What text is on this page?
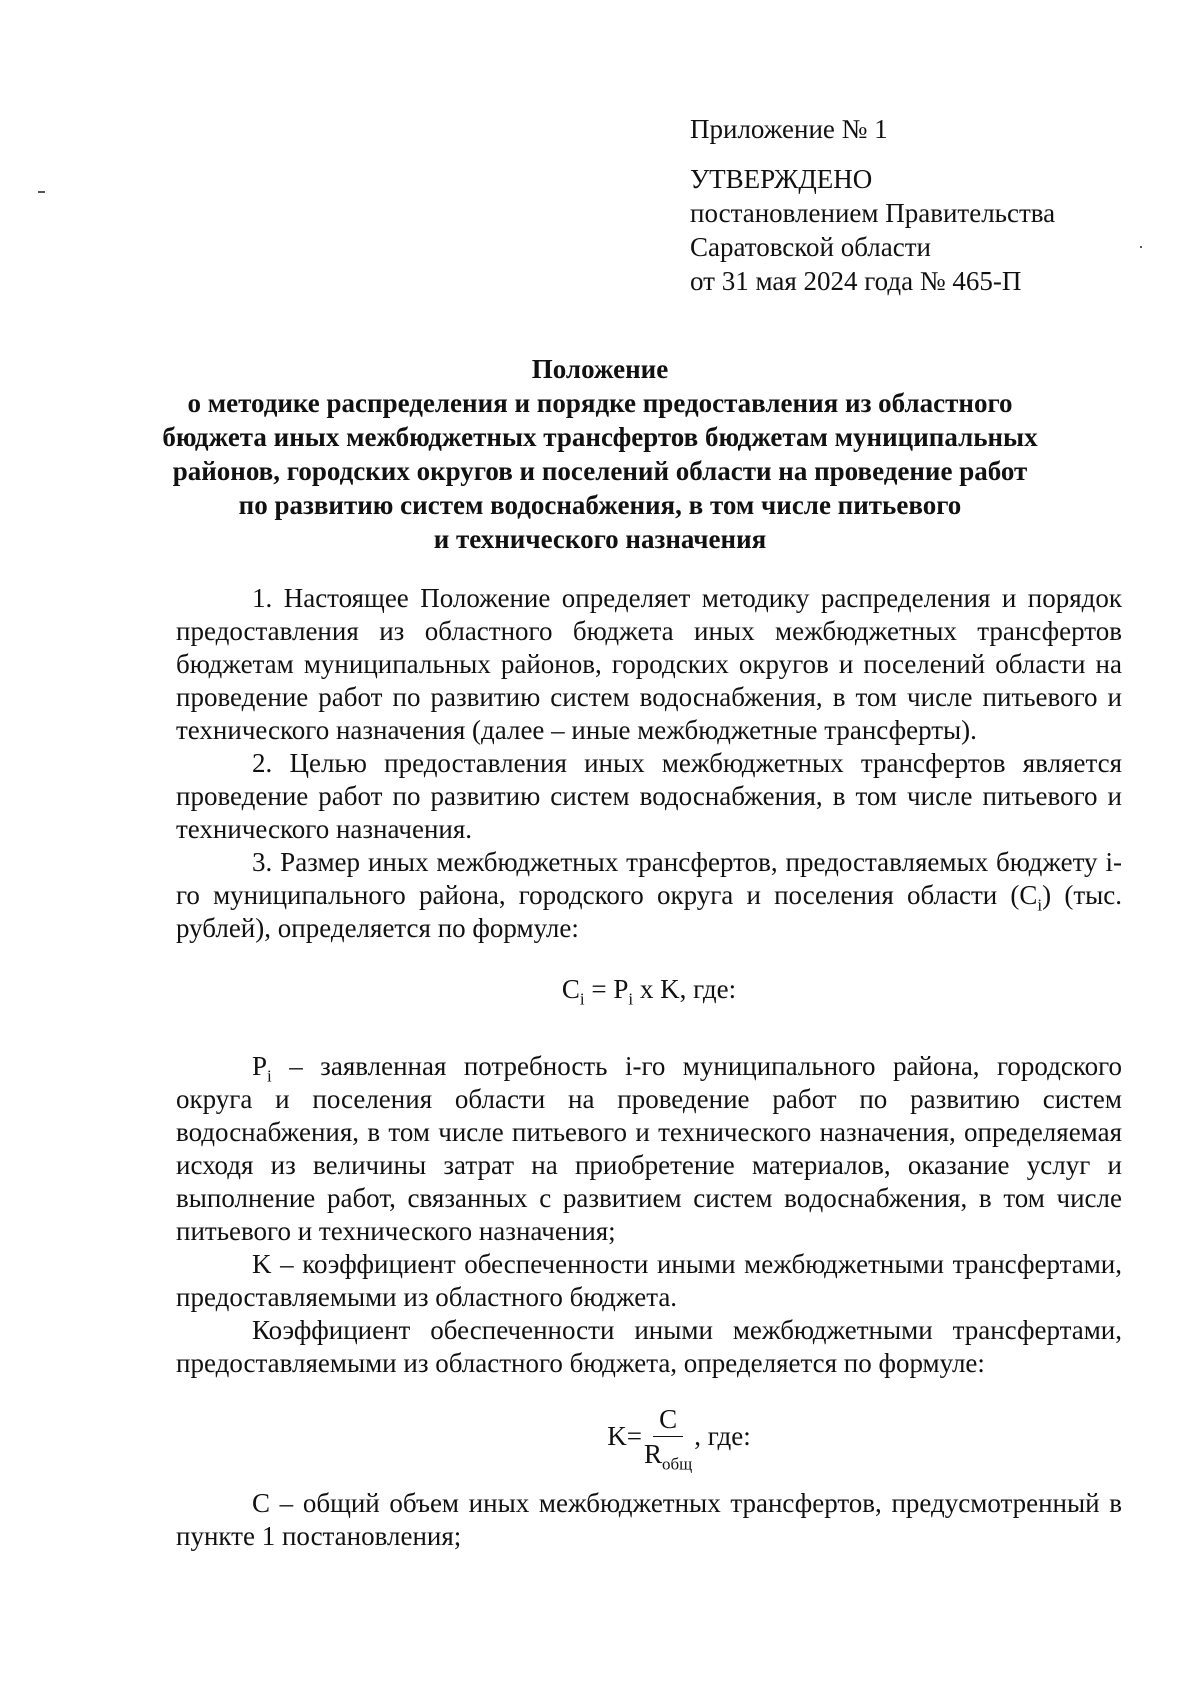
Приложение № 1
УТВЕРЖДЕНО
постановлением Правительства
Саратовской области
от 31 мая 2024 года № 465-П
Положение
о методике распределения и порядке предоставления из областного
бюджета иных межбюджетных трансфертов бюджетам муниципальных
районов, городских округов и поселений области на проведение работ
по развитию систем водоснабжения, в том числе питьевого
и технического назначения

1. Настоящее Положение определяет методику распределения и порядок предоставления из областного бюджета иных межбюджетных трансфертов бюджетам муниципальных районов, городских округов и поселений области на проведение работ по развитию систем водоснабжения, в том числе питьевого и технического назначения (далее – иные межбюджетные трансферты).

2. Целью предоставления иных межбюджетных трансфертов является проведение работ по развитию систем водоснабжения, в том числе питьевого и технического назначения.

3. Размер иных межбюджетных трансфертов, предоставляемых бюджету i-го муниципального района, городского округа и поселения области $(C_i)$ (тыс. рублей), определяется по формуле:

$C_i = P_i$ x K, где:

$P_i$ – заявленная потребность i-го муниципального района, городского округа и поселения области на проведение работ по развитию систем водоснабжения, в том числе питьевого и технического назначения, определяемая исходя из величины затрат на приобретение материалов, оказание услуг и выполнение работ, связанных с развитием систем водоснабжения, в том числе питьевого и технического назначения;

K – коэффициент обеспеченности иными межбюджетными трансфертами, предоставляемыми из областного бюджета.

Коэффициент обеспеченности иными межбюджетными трансфертами, предоставляемыми из областного бюджета, определяется по формуле:

$K= \frac{C}{R_{общ}}$ , где:

C – общий объем иных межбюджетных трансфертов, предусмотренный в пункте 1 постановления;
